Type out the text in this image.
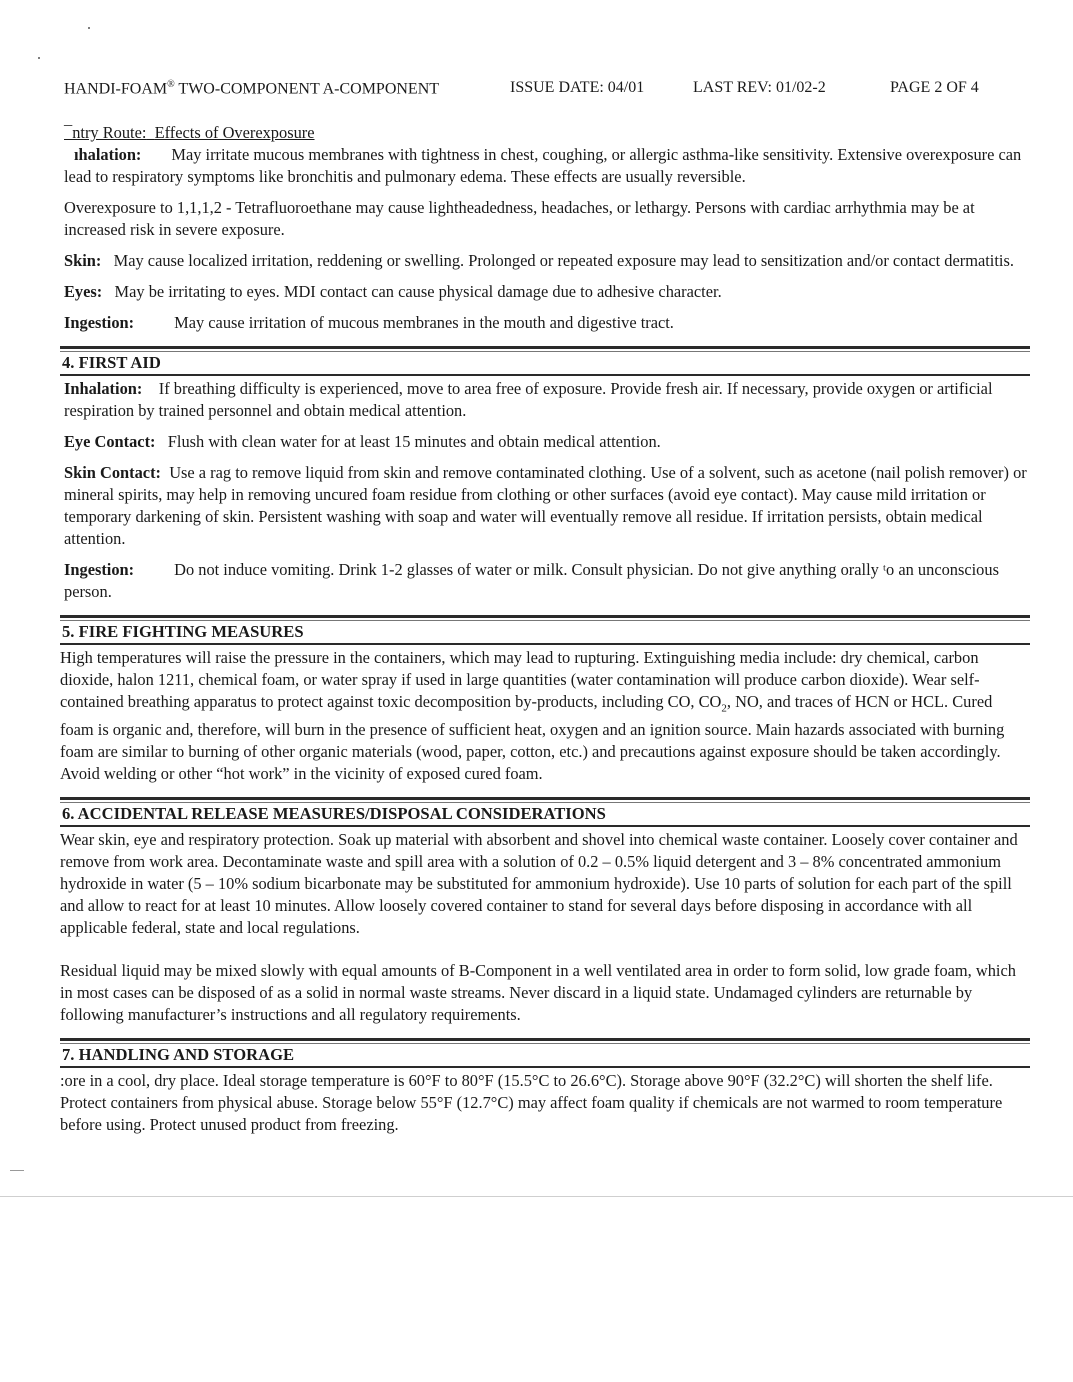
HANDI-FOAM® TWO-COMPONENT A-COMPONENT	ISSUE DATE: 04/01	LAST REV: 01/02-2	PAGE 2 OF 4
¯ntry Route: Effects of Overexposure

ıhalation: May irritate mucous membranes with tightness in chest, coughing, or allergic asthma-like sensitivity. Extensive overexposure can lead to respiratory symptoms like bronchitis and pulmonary edema. These effects are usually reversible.

Overexposure to 1,1,1,2 - Tetrafluoroethane may cause lightheadedness, headaches, or lethargy. Persons with cardiac arrhythmia may be at increased risk in severe exposure.

Skin: May cause localized irritation, reddening or swelling. Prolonged or repeated exposure may lead to sensitization and/or contact dermatitis.

Eyes: May be irritating to eyes. MDI contact can cause physical damage due to adhesive character.

Ingestion: May cause irritation of mucous membranes in the mouth and digestive tract.

4. FIRST AID

Inhalation: If breathing difficulty is experienced, move to area free of exposure. Provide fresh air. If necessary, provide oxygen or artificial respiration by trained personnel and obtain medical attention.

Eye Contact: Flush with clean water for at least 15 minutes and obtain medical attention.

Skin Contact: Use a rag to remove liquid from skin and remove contaminated clothing. Use of a solvent, such as acetone (nail polish remover) or mineral spirits, may help in removing uncured foam residue from clothing or other surfaces (avoid eye contact). May cause mild irritation or temporary darkening of skin. Persistent washing with soap and water will eventually remove all residue. If irritation persists, obtain medical attention.

Ingestion: Do not induce vomiting. Drink 1-2 glasses of water or milk. Consult physician. Do not give anything orally ᵗo an unconscious person.

5. FIRE FIGHTING MEASURES

High temperatures will raise the pressure in the containers, which may lead to rupturing. Extinguishing media include: dry chemical, carbon dioxide, halon 1211, chemical foam, or water spray if used in large quantities (water contamination will produce carbon dioxide). Wear self-contained breathing apparatus to protect against toxic decomposition by-products, including CO, $CO_2$, NO, and traces of HCN or HCL. Cured foam is organic and, therefore, will burn in the presence of sufficient heat, oxygen and an ignition source. Main hazards associated with burning foam are similar to burning of other organic materials (wood, paper, cotton, etc.) and precautions against exposure should be taken accordingly. Avoid welding or other “hot work” in the vicinity of exposed cured foam.

6. ACCIDENTAL RELEASE MEASURES/DISPOSAL CONSIDERATIONS

Wear skin, eye and respiratory protection. Soak up material with absorbent and shovel into chemical waste container. Loosely cover container and remove from work area. Decontaminate waste and spill area with a solution of 0.2 – 0.5% liquid detergent and 3 – 8% concentrated ammonium hydroxide in water (5 – 10% sodium bicarbonate may be substituted for ammonium hydroxide). Use 10 parts of solution for each part of the spill and allow to react for at least 10 minutes. Allow loosely covered container to stand for several days before disposing in accordance with all applicable federal, state and local regulations.

Residual liquid may be mixed slowly with equal amounts of B-Component in a well ventilated area in order to form solid, low grade foam, which in most cases can be disposed of as a solid in normal waste streams. Never discard in a liquid state. Undamaged cylinders are returnable by following manufacturer’s instructions and all regulatory requirements.

7. HANDLING AND STORAGE

:ore in a cool, dry place. Ideal storage temperature is 60°F to 80°F (15.5°C to 26.6°C). Storage above 90°F (32.2°C) will shorten the shelf life. Protect containers from physical abuse. Storage below 55°F (12.7°C) may affect foam quality if chemicals are not warmed to room temperature before using. Protect unused product from freezing.
